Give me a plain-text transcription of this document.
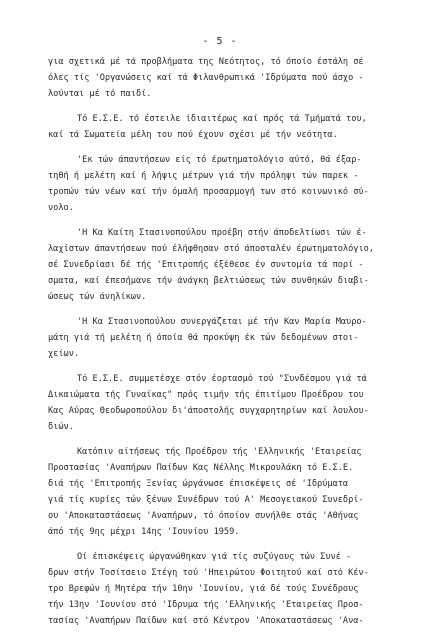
- 5 -
για σχετικά μέ τά προβλήματα της Νεότητος, τό όποίο έστάλη σέ
όλες τίς 'Οργανώσεις καί τά Φιλανθρωπικά 'Ιδρύματα πού άσχο -
λούνται μέ τό παιδί.
Τό Ε.Σ.Ε. τό έστειλε ίδιαιτέρως καί πρός τά Τμήματά του,
καί τά Σωματεία μέλη του πού έχουν σχέσι μέ τήν νεότητα.
'Εκ τών άπαντήσεων είς τό έρωτηματολόγιο αύτό, θά έξαρ-
τηθή ή μελέτη καί ή λήψις μέτρων γιά τήν πρόληψι τών παρεκ -
τροπών τών νέων καί τήν όμαλή προσαρμογή των στό κοινωνικό σύ-
νολο.
'Η Κα Καίτη Στασινοπούλου προέβη στήν άποδελτίωσι τών έ-
λαχίστων άπαντήσεων πού έλήφθησαν στό άποσταλέν έρωτηματολόγιο,
σέ Συνεδρίασι δέ τής 'Επιτροπής έξέθεσε έν συντομία τά πορί -
σματα, καί έπεσήμανε τήν άνάγκη βελτιώσεως τών συνθηκών διαβι-
ώσεως τών άνηλίκων.
'Η Κα Στασινοπούλου συνεργάζεται μέ τήν Καν Μαρία Μαυρο-
μάτη γιά τή μελέτη ή όποία θά προκύψη έκ τών δεδομένων στοι-
χείων.
Τό Ε.Σ.Ε. συμμετέσχε στόν έορτασμό τού "Συνδέσμου γιά τά
Δικαιώματα τής Γυναίκας" πρός τιμήν τής έπιτίμου Προέδρου του
Κας Αύρας Θεοδωροπούλου δι'άποστολής συγχαρητηρίων καί λουλου-
διών.
Κατόπιν αίτήσεως τής Προέδρου τής 'Ελληνικής 'Εταιρείας
Προστασίας 'Αναπήρων Παίδων Κας Νέλλης Μικρουλάκη τό Ε.Σ.Ε.
διά τής 'Επιτροπής Ξενίας ώργάνωσε έπισκέψεις σέ 'Ιδρύματα
γιά τίς κυρίες τών ξένων Συνέδρων τού Α' Μεσογειακού Συνεδρί-
ου 'Αποκαταστάσεως 'Αναπήρων, τό όποίον συνήλθε στάς 'Αθήνας
άπό τής 9ης μέχρι 14ης 'Ιουνίου 1959.
Οί έπισκέψεις ώργανώθηκαν γιά τίς συζύγους τών Συνέ -
δρων στήν Τοσίτσειο Στέγη τού 'Ηπειρώτου Φοιτητού καί στό Κέν-
τρο Βρεφών ή Μητέρα τήν 10ην 'Ιουνίου, γιά δέ τούς Συνέδρους
τήν 13ην 'Ιουνίου στό 'Ιδρυμα τής 'Ελληνικής 'Εταιρείας Προσ-
τασίας 'Αναπήρων Παίδων καί στό Κέντρον 'Αποκαταστάσεως 'Ανα-
